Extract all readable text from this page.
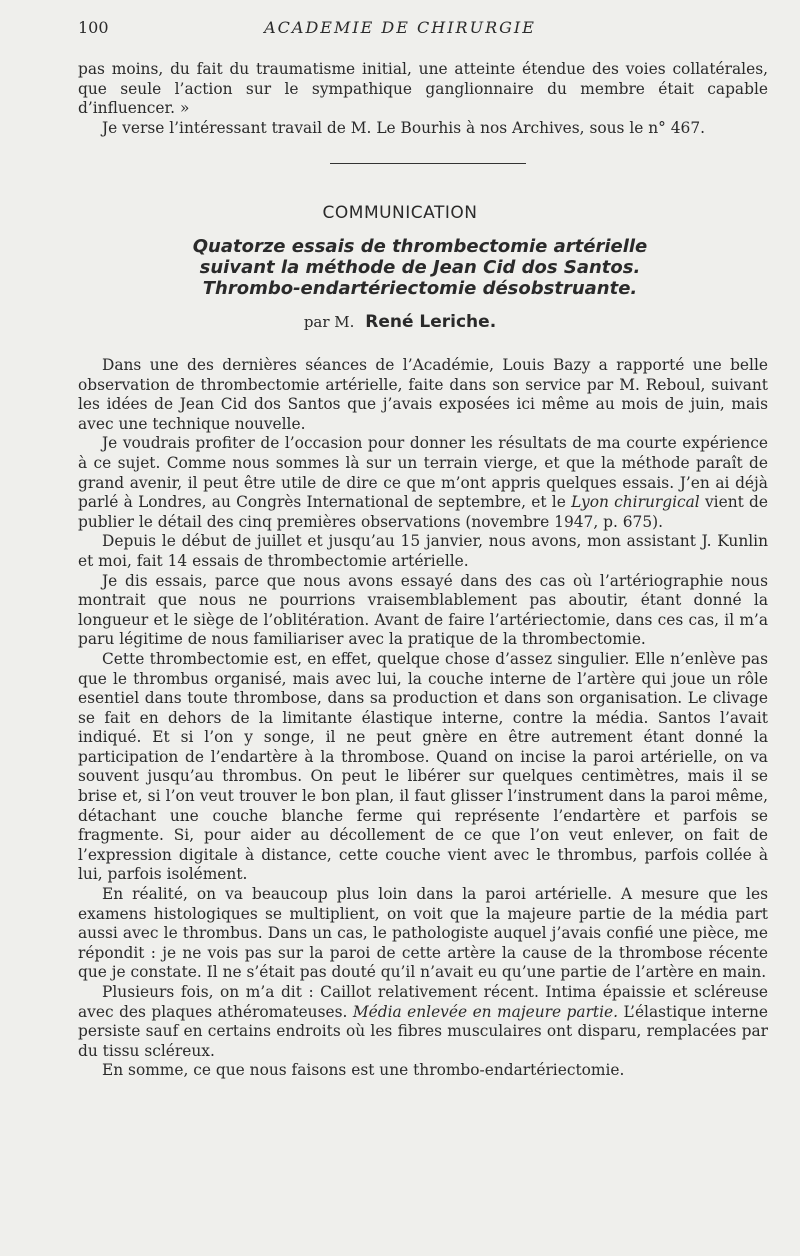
100	ACADEMIE DE CHIRURGIE

pas moins, du fait du traumatisme initial, une atteinte étendue des voies collatérales, que seule l’action sur le sympathique ganglionnaire du membre était capable d’influencer. »

Je verse l’intéressant travail de M. Le Bourhis à nos Archives, sous le n° 467.

COMMUNICATION
Quatorze essais de thrombectomie artérielle
suivant la méthode de Jean Cid dos Santos.
Thrombo-endartériectomie désobstruante.
par M. René Leriche.

Dans une des dernières séances de l’Académie, Louis Bazy a rapporté une belle observation de thrombectomie artérielle, faite dans son service par M. Reboul, suivant les idées de Jean Cid dos Santos que j’avais exposées ici même au mois de juin, mais avec une technique nouvelle.

Je voudrais profiter de l’occasion pour donner les résultats de ma courte expérience à ce sujet. Comme nous sommes là sur un terrain vierge, et que la méthode paraît de grand avenir, il peut être utile de dire ce que m’ont appris quelques essais. J’en ai déjà parlé à Londres, au Congrès International de septembre, et le Lyon chirurgical vient de publier le détail des cinq premières observations (novembre 1947, p. 675).

Depuis le début de juillet et jusqu’au 15 janvier, nous avons, mon assistant J. Kunlin et moi, fait 14 essais de thrombectomie artérielle.

Je dis essais, parce que nous avons essayé dans des cas où l’artériographie nous montrait que nous ne pourrions vraisemblablement pas aboutir, étant donné la longueur et le siège de l’oblitération. Avant de faire l’artériectomie, dans ces cas, il m’a paru légitime de nous familiariser avec la pratique de la thrombectomie.

Cette thrombectomie est, en effet, quelque chose d’assez singulier. Elle n’enlève pas que le thrombus organisé, mais avec lui, la couche interne de l’artère qui joue un rôle esentiel dans toute thrombose, dans sa production et dans son organisation. Le clivage se fait en dehors de la limitante élastique interne, contre la média. Santos l’avait indiqué. Et si l’on y songe, il ne peut gnère en être autrement étant donné la participation de l’endartère à la thrombose. Quand on incise la paroi artérielle, on va souvent jusqu’au thrombus. On peut le libérer sur quelques centimètres, mais il se brise et, si l’on veut trouver le bon plan, il faut glisser l’instrument dans la paroi même, détachant une couche blanche ferme qui représente l’endartère et parfois se fragmente. Si, pour aider au décollement de ce que l’on veut enlever, on fait de l’expression digitale à distance, cette couche vient avec le thrombus, parfois collée à lui, parfois isolément.

En réalité, on va beaucoup plus loin dans la paroi artérielle. A mesure que les examens histologiques se multiplient, on voit que la majeure partie de la média part aussi avec le thrombus. Dans un cas, le pathologiste auquel j’avais confié une pièce, me répondit : je ne vois pas sur la paroi de cette artère la cause de la thrombose récente que je constate. Il ne s’était pas douté qu’il n’avait eu qu’une partie de l’artère en main.

Plusieurs fois, on m’a dit : Caillot relativement récent. Intima épaissie et scléreuse avec des plaques athéromateuses. Média enlevée en majeure partie. L’élastique interne persiste sauf en certains endroits où les fibres musculaires ont disparu, remplacées par du tissu scléreux.

En somme, ce que nous faisons est une thrombo-endartériectomie.
